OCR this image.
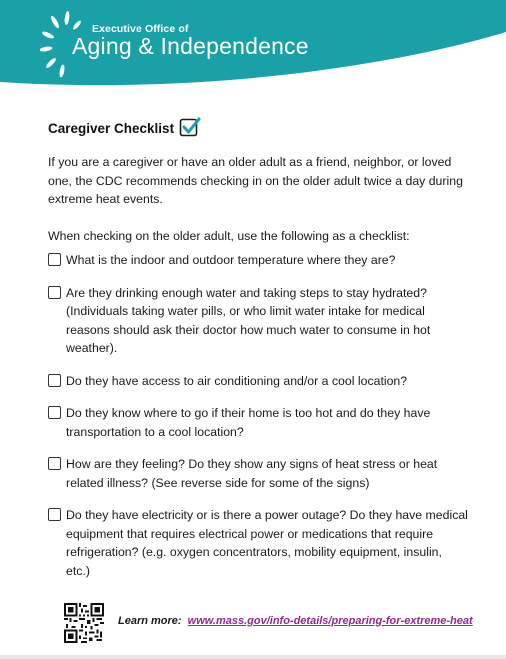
Executive Office of
Aging & Independence
Caregiver Checklist
If you are a caregiver or have an older adult as a friend, neighbor, or loved one, the CDC recommends checking in on the older adult twice a day during extreme heat events.
When checking on the older adult, use the following as a checklist:
What is the indoor and outdoor temperature where they are?
Are they drinking enough water and taking steps to stay hydrated? (Individuals taking water pills, or who limit water intake for medical reasons should ask their doctor how much water to consume in hot weather).
Do they have access to air conditioning and/or a cool location?
Do they know where to go if their home is too hot and do they have transportation to a cool location?
How are they feeling? Do they show any signs of heat stress or heat related illness? (See reverse side for some of the signs)
Do they have electricity or is there a power outage? Do they have medical equipment that requires electrical power or medications that require refrigeration? (e.g. oxygen concentrators, mobility equipment, insulin, etc.)
Learn more: www.mass.gov/info-details/preparing-for-extreme-heat
